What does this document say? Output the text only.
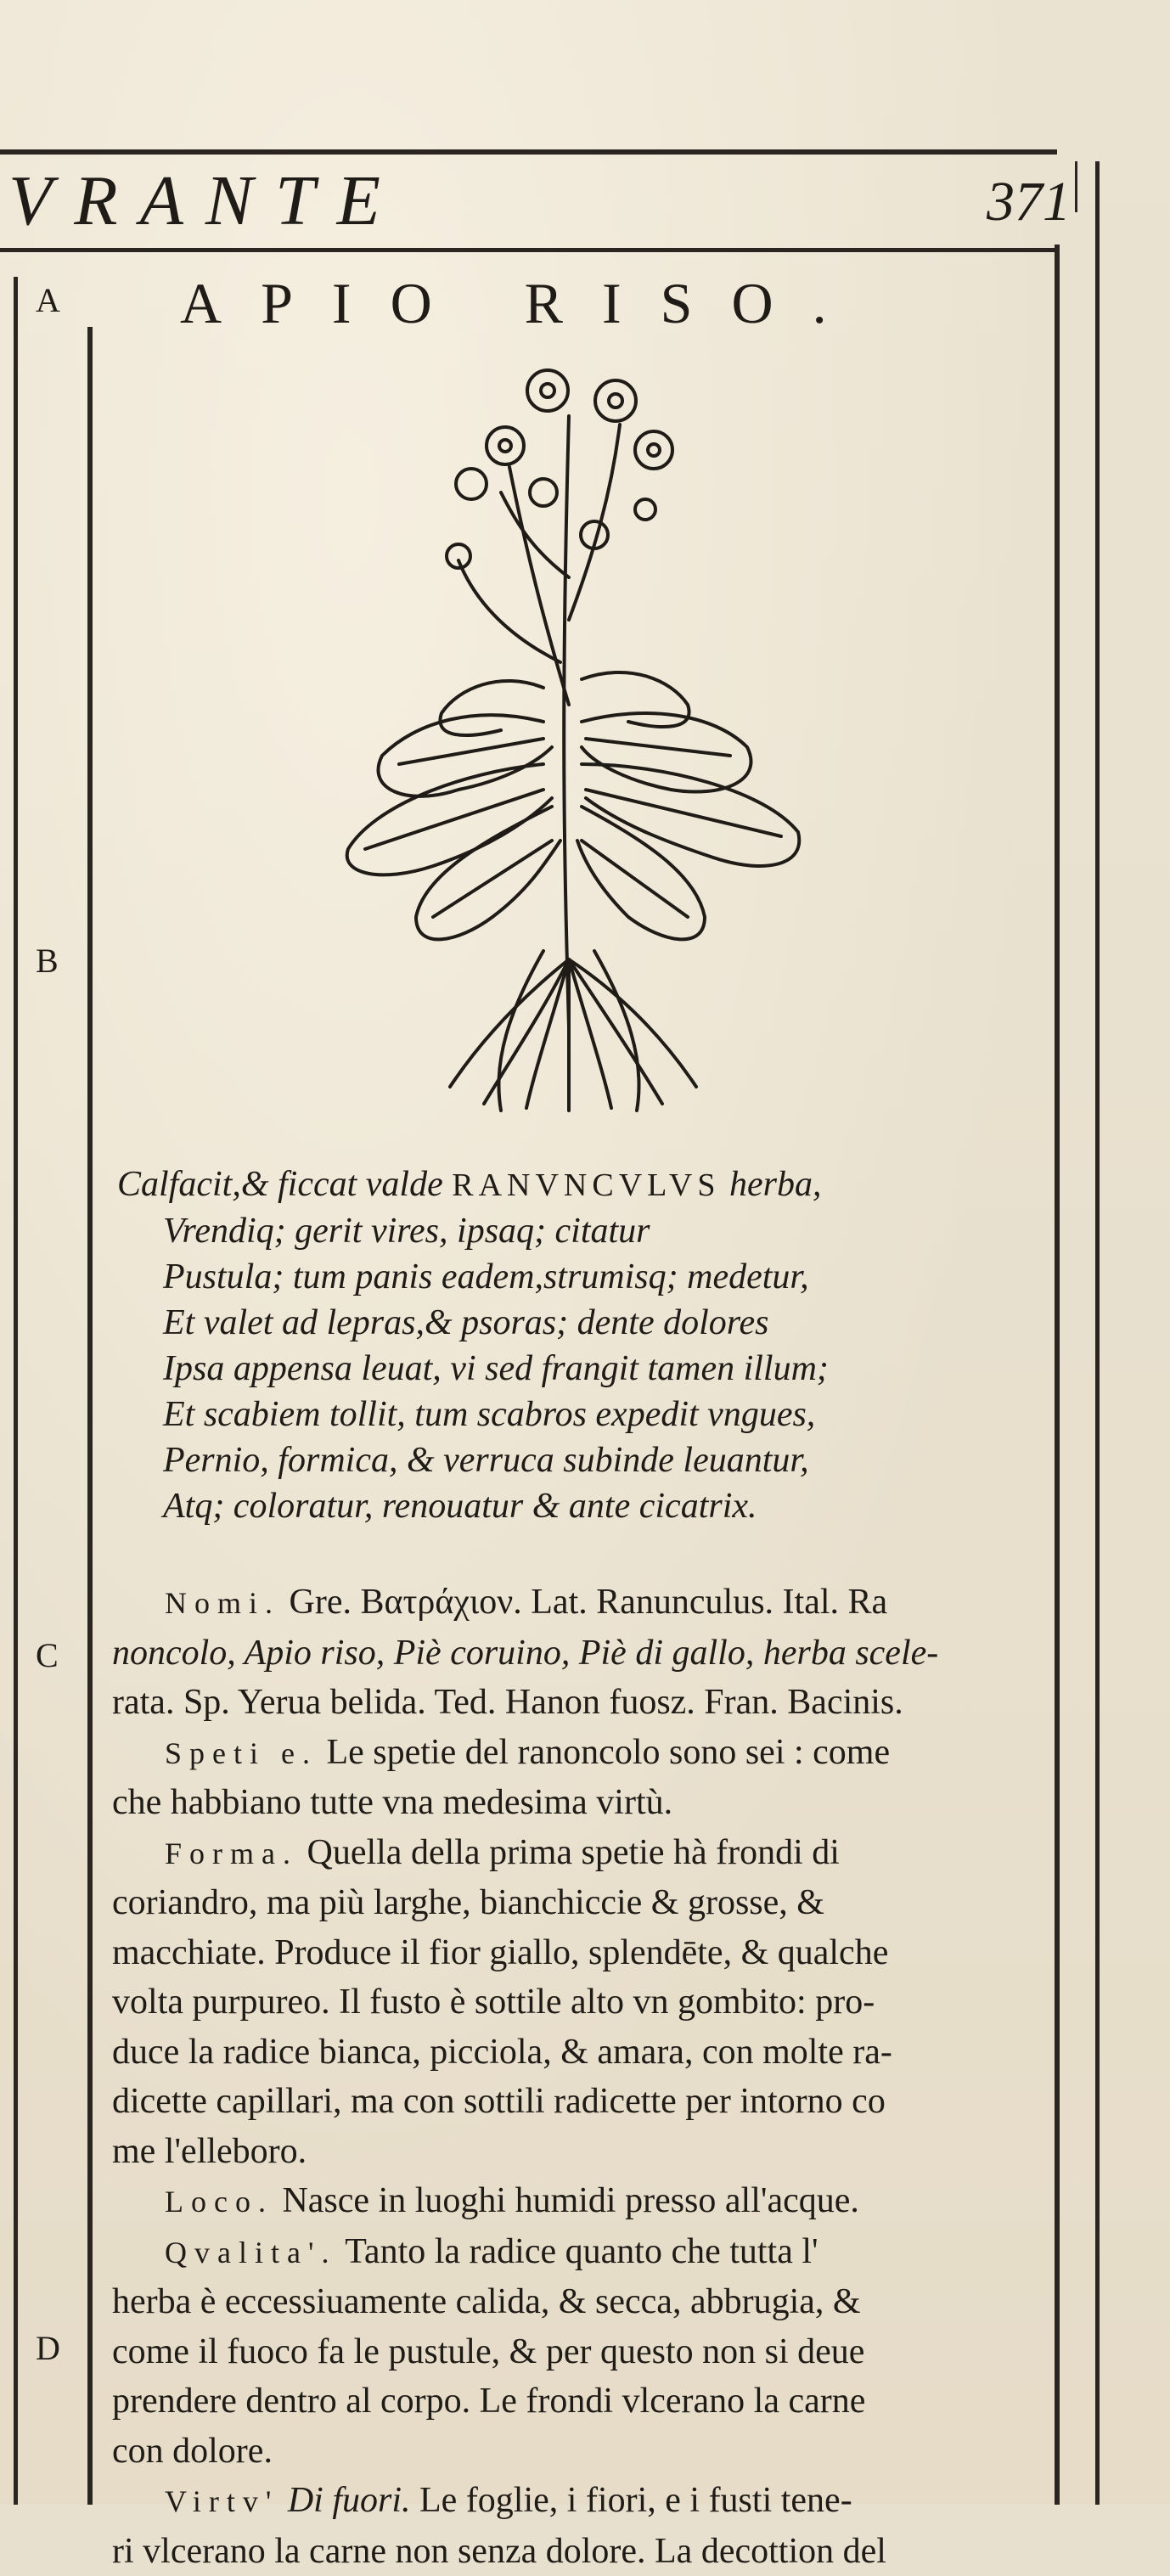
VRANTE	371
A
B
C
D
APIO RISO.
Calfacit,& ficcat valde RANVNCVLVS herba,
Vrendiq; gerit vires, ipsaq; citatur
Pustula; tum panis eadem,strumisq; medetur,
Et valet ad lepras,& psoras; dente dolores
Ipsa appensa leuat, vi sed frangit tamen illum;
Et scabiem tollit, tum scabros expedit vngues,
Pernio, formica, & verruca subinde leuantur,
Atq; coloratur, renouatur & ante cicatrix.
Nomi. Gre. Βατράχιον. Lat. Ranunculus. Ital. Ra
noncolo, Apio riso, Piè coruino, Piè di gallo, herba scele-
rata. Sp. Yerua belida. Ted. Hanon fuosz. Fran. Bacinis.
Speti e. Le spetie del ranoncolo sono sei : come
che habbiano tutte vna medesima virtù.
Forma. Quella della prima spetie hà frondi di
coriandro, ma più larghe, bianchiccie & grosse, &
macchiate. Produce il fior giallo, splendēte, & qualche
volta purpureo. Il fusto è sottile alto vn gombito: pro-
duce la radice bianca, picciola, & amara, con molte ra-
dicette capillari, ma con sottili radicette per intorno co
me l'elleboro.
Loco. Nasce in luoghi humidi presso all'acque.
Qvalita'. Tanto la radice quanto che tutta l'
herba è eccessiuamente calida, & secca, abbrugia, &
come il fuoco fa le pustule, & per questo non si deue
prendere dentro al corpo. Le frondi vlcerano la carne
con dolore.
Virtv' Di fuori. Le foglie, i fiori, e i fusti tene-
ri vlcerano la carne non senza dolore. La decottion del
